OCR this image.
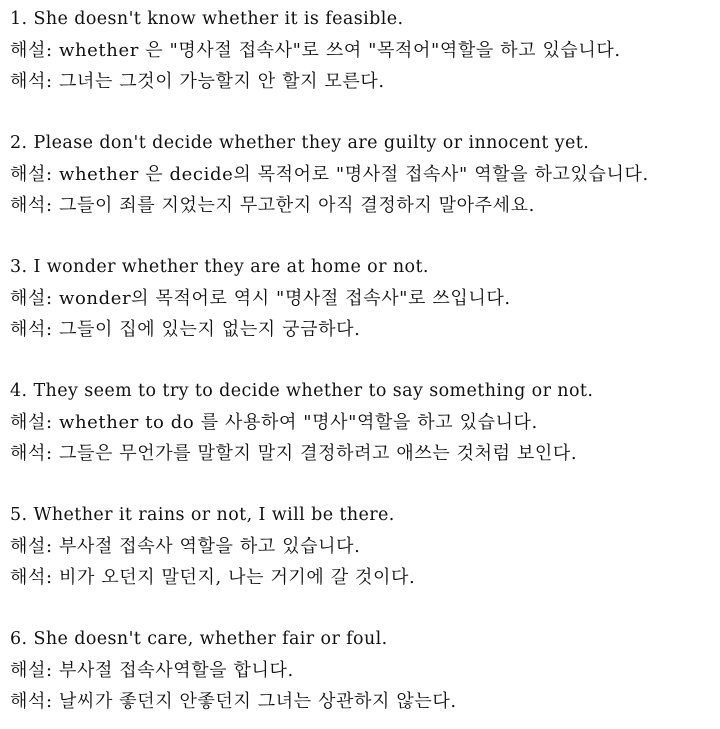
1. She doesn't know whether it is feasible.
해설: whether 은 "명사절 접속사"로 쓰여 "목적어"역할을 하고 있습니다.
해석: 그녀는 그것이 가능할지 안 할지 모른다.
2. Please don't decide whether they are guilty or innocent yet.
해설: whether 은 decide의 목적어로 "명사절 접속사" 역할을 하고있습니다.
해석: 그들이 죄를 지었는지 무고한지 아직 결정하지 말아주세요.
3. I wonder whether they are at home or not.
해설: wonder의 목적어로 역시 "명사절 접속사"로 쓰입니다.
해석: 그들이 집에 있는지 없는지 궁금하다.
4. They seem to try to decide whether to say something or not.
해설: whether to do 를 사용하여 "명사"역할을 하고 있습니다.
해석: 그들은 무언가를 말할지 말지 결정하려고 애쓰는 것처럼 보인다.
5. Whether it rains or not, I will be there.
해설: 부사절 접속사 역할을 하고 있습니다.
해석: 비가 오던지 말던지, 나는 거기에 갈 것이다.
6. She doesn't care, whether fair or foul.
해설: 부사절 접속사역할을 합니다.
해석: 날씨가 좋던지 안좋던지 그녀는 상관하지 않는다.
